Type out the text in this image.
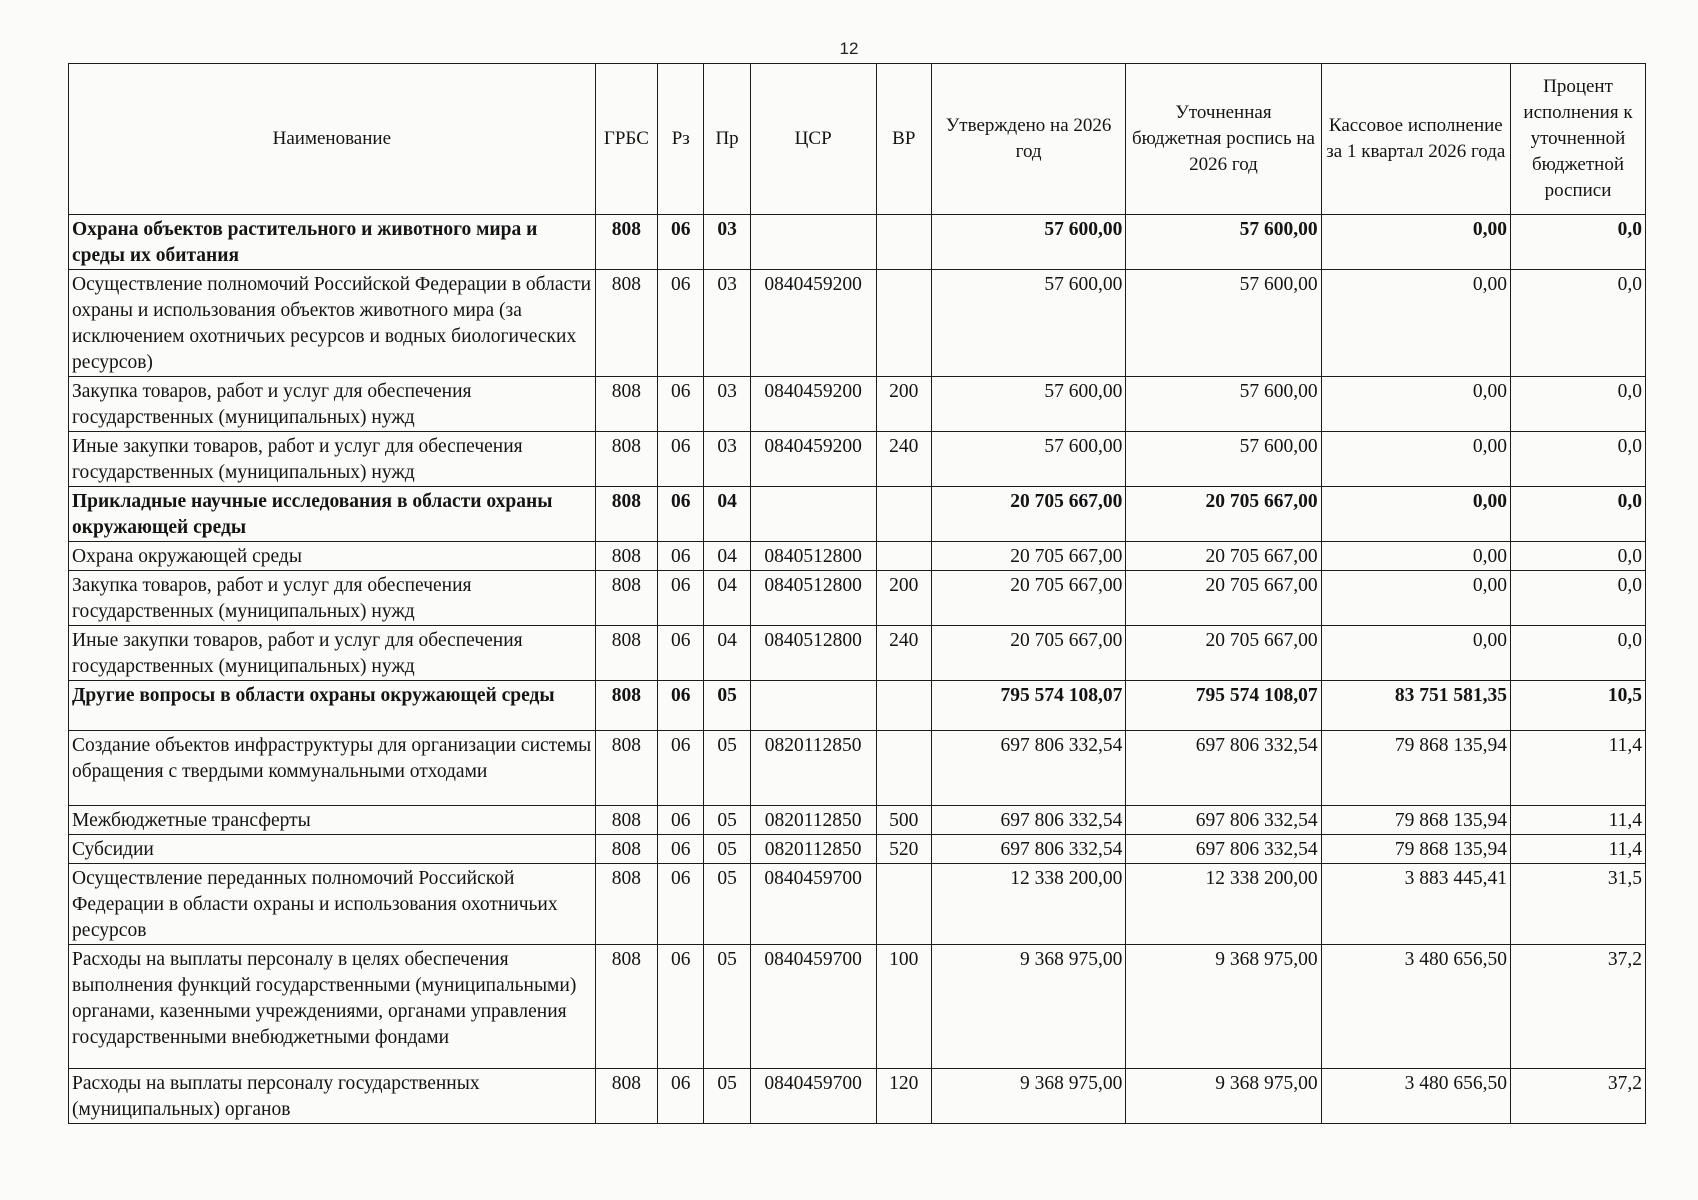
12
Наименование	ГРБС	Рз	Пр	ЦСР	ВР	Утверждено на 2026 год	Уточненная бюджетная роспись на 2026 год	Кассовое исполнение за 1 квартал 2026 года	Процент исполнения к уточненной бюджетной росписи
Охрана объектов растительного и животного мира и среды их обитания	808	06	03			57 600,00	57 600,00	0,00	0,0
Осуществление полномочий Российской Федерации в области охраны и использования объектов животного мира (за исключением охотничьих ресурсов и водных биологических ресурсов)	808	06	03	0840459200		57 600,00	57 600,00	0,00	0,0
Закупка товаров, работ и услуг для обеспечения государственных (муниципальных) нужд	808	06	03	0840459200	200	57 600,00	57 600,00	0,00	0,0
Иные закупки товаров, работ и услуг для обеспечения государственных (муниципальных) нужд	808	06	03	0840459200	240	57 600,00	57 600,00	0,00	0,0
Прикладные научные исследования в области охраны окружающей среды	808	06	04			20 705 667,00	20 705 667,00	0,00	0,0
Охрана окружающей среды	808	06	04	0840512800		20 705 667,00	20 705 667,00	0,00	0,0
Закупка товаров, работ и услуг для обеспечения государственных (муниципальных) нужд	808	06	04	0840512800	200	20 705 667,00	20 705 667,00	0,00	0,0
Иные закупки товаров, работ и услуг для обеспечения государственных (муниципальных) нужд	808	06	04	0840512800	240	20 705 667,00	20 705 667,00	0,00	0,0
Другие вопросы в области охраны окружающей среды	808	06	05			795 574 108,07	795 574 108,07	83 751 581,35	10,5
Создание объектов инфраструктуры для организации системы обращения с твердыми коммунальными отходами	808	06	05	0820112850		697 806 332,54	697 806 332,54	79 868 135,94	11,4
Межбюджетные трансферты	808	06	05	0820112850	500	697 806 332,54	697 806 332,54	79 868 135,94	11,4
Субсидии	808	06	05	0820112850	520	697 806 332,54	697 806 332,54	79 868 135,94	11,4
Осуществление переданных полномочий Российской Федерации в области охраны и использования охотничьих ресурсов	808	06	05	0840459700		12 338 200,00	12 338 200,00	3 883 445,41	31,5
Расходы на выплаты персоналу в целях обеспечения выполнения функций государственными (муниципальными) органами, казенными учреждениями, органами управления государственными внебюджетными фондами	808	06	05	0840459700	100	9 368 975,00	9 368 975,00	3 480 656,50	37,2
Расходы на выплаты персоналу государственных (муниципальных) органов	808	06	05	0840459700	120	9 368 975,00	9 368 975,00	3 480 656,50	37,2
